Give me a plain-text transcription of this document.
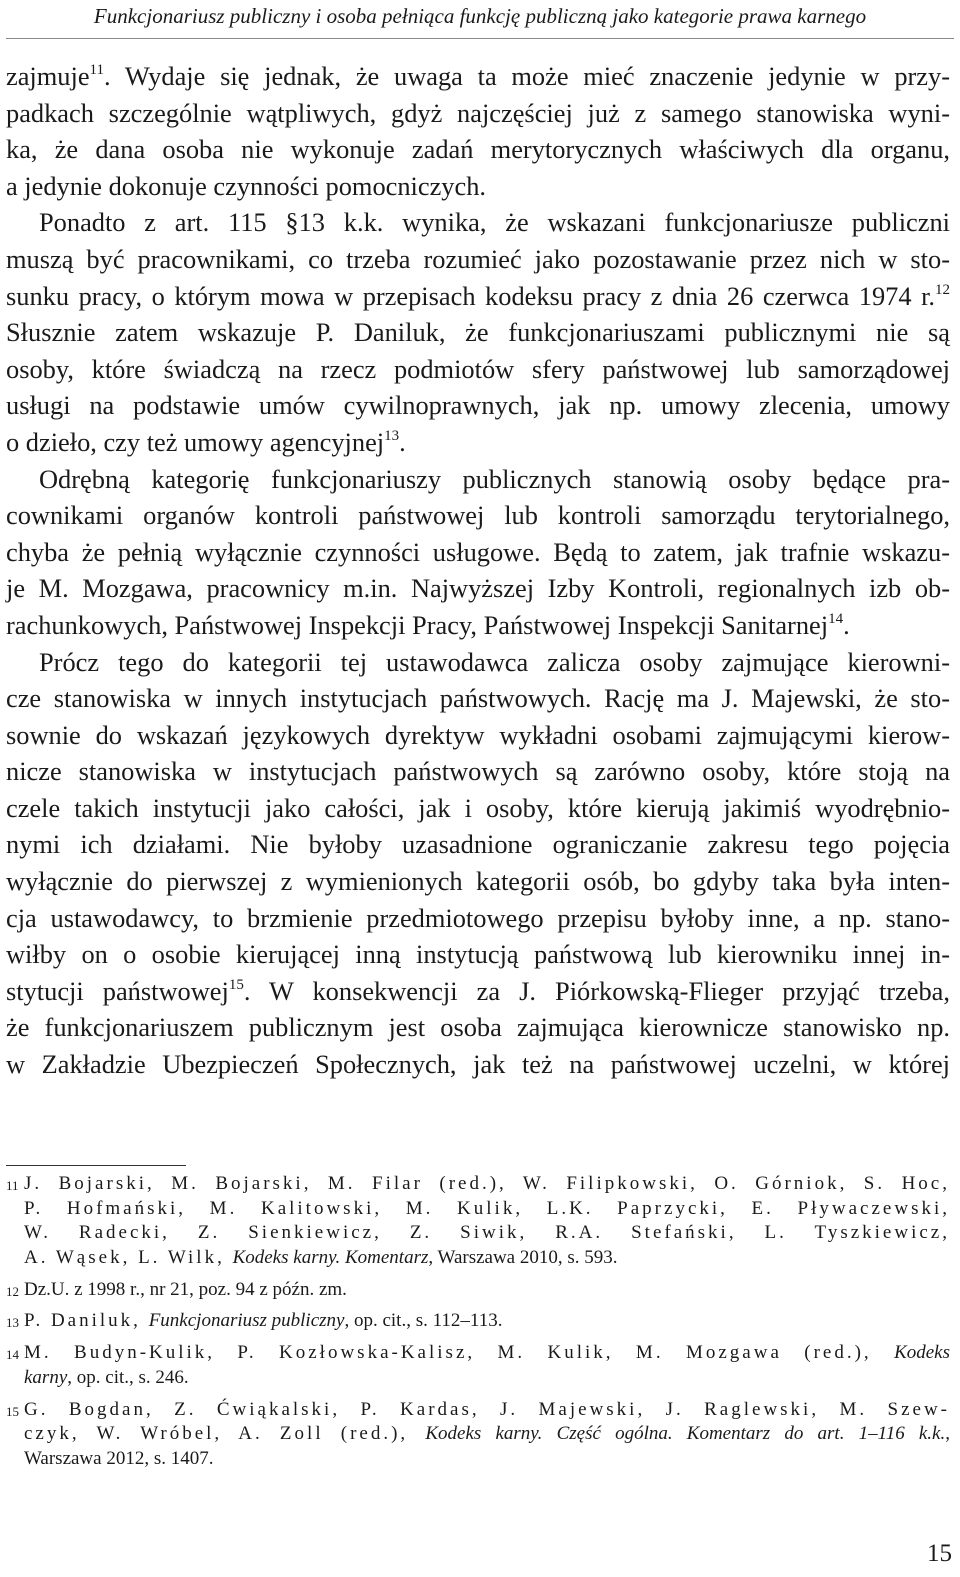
Funkcjonariusz publiczny i osoba pełniąca funkcję publiczną jako kategorie prawa karnego
zajmuje$^{11}$. Wydaje się jednak, że uwaga ta może mieć znaczenie jedynie w przy-
padkach szczególnie wątpliwych, gdyż najczęściej już z samego stanowiska wyni-
ka, że dana osoba nie wykonuje zadań merytorycznych właściwych dla organu,
a jedynie dokonuje czynności pomocniczych.
Ponadto z art. 115 §13 k.k. wynika, że wskazani funkcjonariusze publiczni
muszą być pracownikami, co trzeba rozumieć jako pozostawanie przez nich w sto-
sunku pracy, o którym mowa w przepisach kodeksu pracy z dnia 26 czerwca 1974 r.$^{12}$
Słusznie zatem wskazuje P. Daniluk, że funkcjonariuszami publicznymi nie są
osoby, które świadczą na rzecz podmiotów sfery państwowej lub samorządowej
usługi na podstawie umów cywilnoprawnych, jak np. umowy zlecenia, umowy
o dzieło, czy też umowy agencyjnej$^{13}$.
Odrębną kategorię funkcjonariuszy publicznych stanowią osoby będące pra-
cownikami organów kontroli państwowej lub kontroli samorządu terytorialnego,
chyba że pełnią wyłącznie czynności usługowe. Będą to zatem, jak trafnie wskazu-
je M. Mozgawa, pracownicy m.in. Najwyższej Izby Kontroli, regionalnych izb ob-
rachunkowych, Państwowej Inspekcji Pracy, Państwowej Inspekcji Sanitarnej$^{14}$.
Prócz tego do kategorii tej ustawodawca zalicza osoby zajmujące kierowni-
cze stanowiska w innych instytucjach państwowych. Rację ma J. Majewski, że sto-
sownie do wskazań językowych dyrektyw wykładni osobami zajmującymi kierow-
nicze stanowiska w instytucjach państwowych są zarówno osoby, które stoją na
czele takich instytucji jako całości, jak i osoby, które kierują jakimiś wyodrębnio-
nymi ich działami. Nie byłoby uzasadnione ograniczanie zakresu tego pojęcia
wyłącznie do pierwszej z wymienionych kategorii osób, bo gdyby taka była inten-
cja ustawodawcy, to brzmienie przedmiotowego przepisu byłoby inne, a np. stano-
wiłby on o osobie kierującej inną instytucją państwową lub kierowniku innej in-
stytucji państwowej$^{15}$. W konsekwencji za J. Piórkowską-Flieger przyjąć trzeba,
że funkcjonariuszem publicznym jest osoba zajmująca kierownicze stanowisko np.
w Zakładzie Ubezpieczeń Społecznych, jak też na państwowej uczelni, w której
11 J. Bojarski, M. Bojarski, M. Filar (red.), W. Filipkowski, O. Górniok, S. Hoc,
P. Hofmański, M. Kalitowski, M. Kulik, L.K. Paprzycki, E. Pływaczewski,
W. Radecki, Z. Sienkiewicz, Z. Siwik, R.A. Stefański, L. Tyszkiewicz,
A. Wąsek, L. Wilk, Kodeks karny. Komentarz, Warszawa 2010, s. 593.
12 Dz.U. z 1998 r., nr 21, poz. 94 z późn. zm.
13 P. Daniluk, Funkcjonariusz publiczny, op. cit., s. 112–113.
14 M. Budyn-Kulik, P. Kozłowska-Kalisz, M. Kulik, M. Mozgawa (red.), Kodeks
karny, op. cit., s. 246.
15 G. Bogdan, Z. Ćwiąkalski, P. Kardas, J. Majewski, J. Raglewski, M. Szew-
czyk, W. Wróbel, A. Zoll (red.), Kodeks karny. Część ogólna. Komentarz do art. 1–116 k.k.,
Warszawa 2012, s. 1407.
15
